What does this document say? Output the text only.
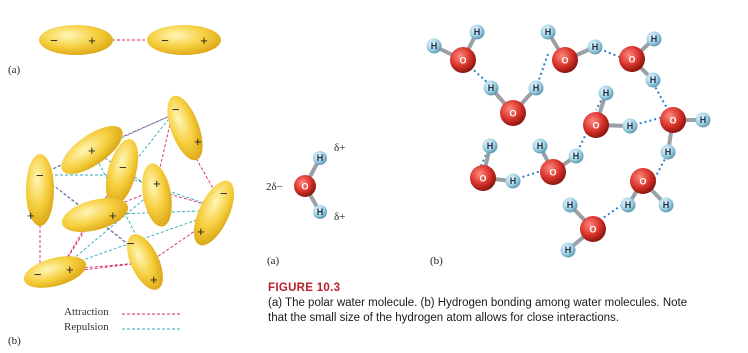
− +	− +
+
−
+
−
+
−
+
+
−
+
−
+
− +
O
H
H
δ+
δ+
2δ−
O	O	O
O
O	O
O
O
O
O
H
H	H
H
H
H
H	H	H
H
H
H
H
H
H
H
H	H
H
H
(a)
(b)
(a)	(b)
Attraction
Repulsion
FIGURE 10.3
(a) The polar water molecule. (b) Hydrogen bonding among water molecules. Note
that the small size of the hydrogen atom allows for close interactions.
